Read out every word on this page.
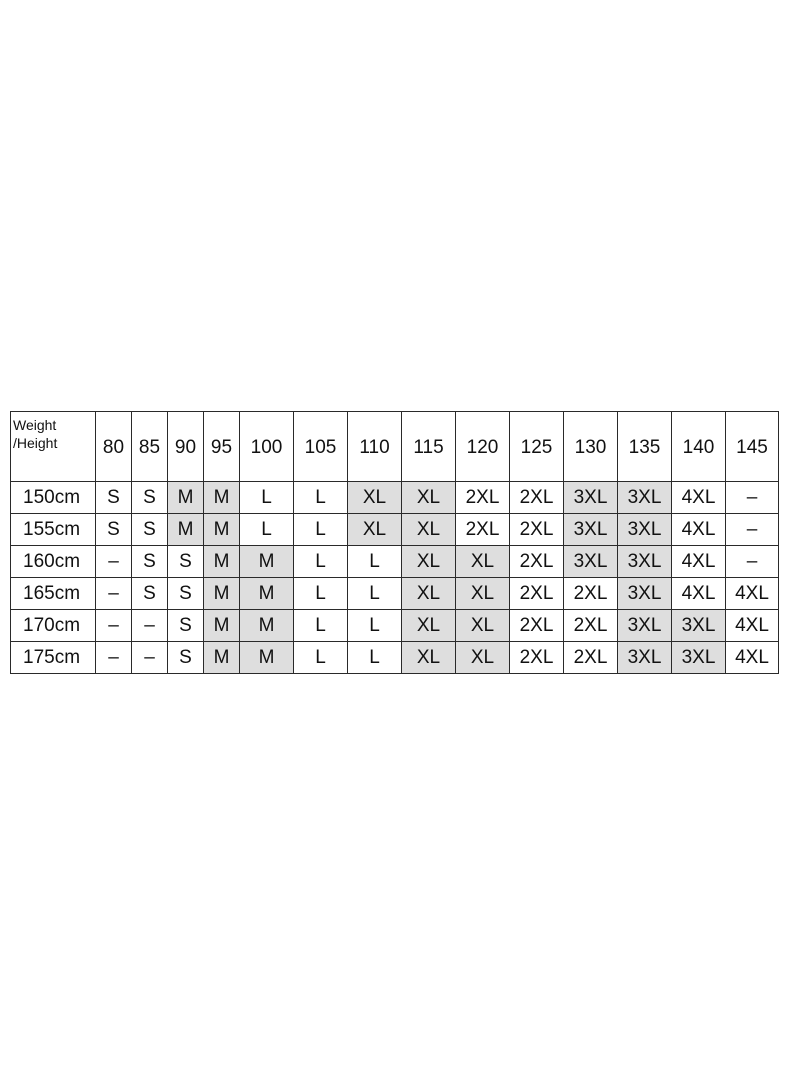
Weight
/Height	80	85	90	95	100	105	110	115	120	125	130	135	140	145
150cm	S	S	M	M	L	L	XL	XL	2XL	2XL	3XL	3XL	4XL	–
155cm	S	S	M	M	L	L	XL	XL	2XL	2XL	3XL	3XL	4XL	–
160cm	–	S	S	M	M	L	L	XL	XL	2XL	3XL	3XL	4XL	–
165cm	–	S	S	M	M	L	L	XL	XL	2XL	2XL	3XL	4XL	4XL
170cm	–	–	S	M	M	L	L	XL	XL	2XL	2XL	3XL	3XL	4XL
175cm	–	–	S	M	M	L	L	XL	XL	2XL	2XL	3XL	3XL	4XL
